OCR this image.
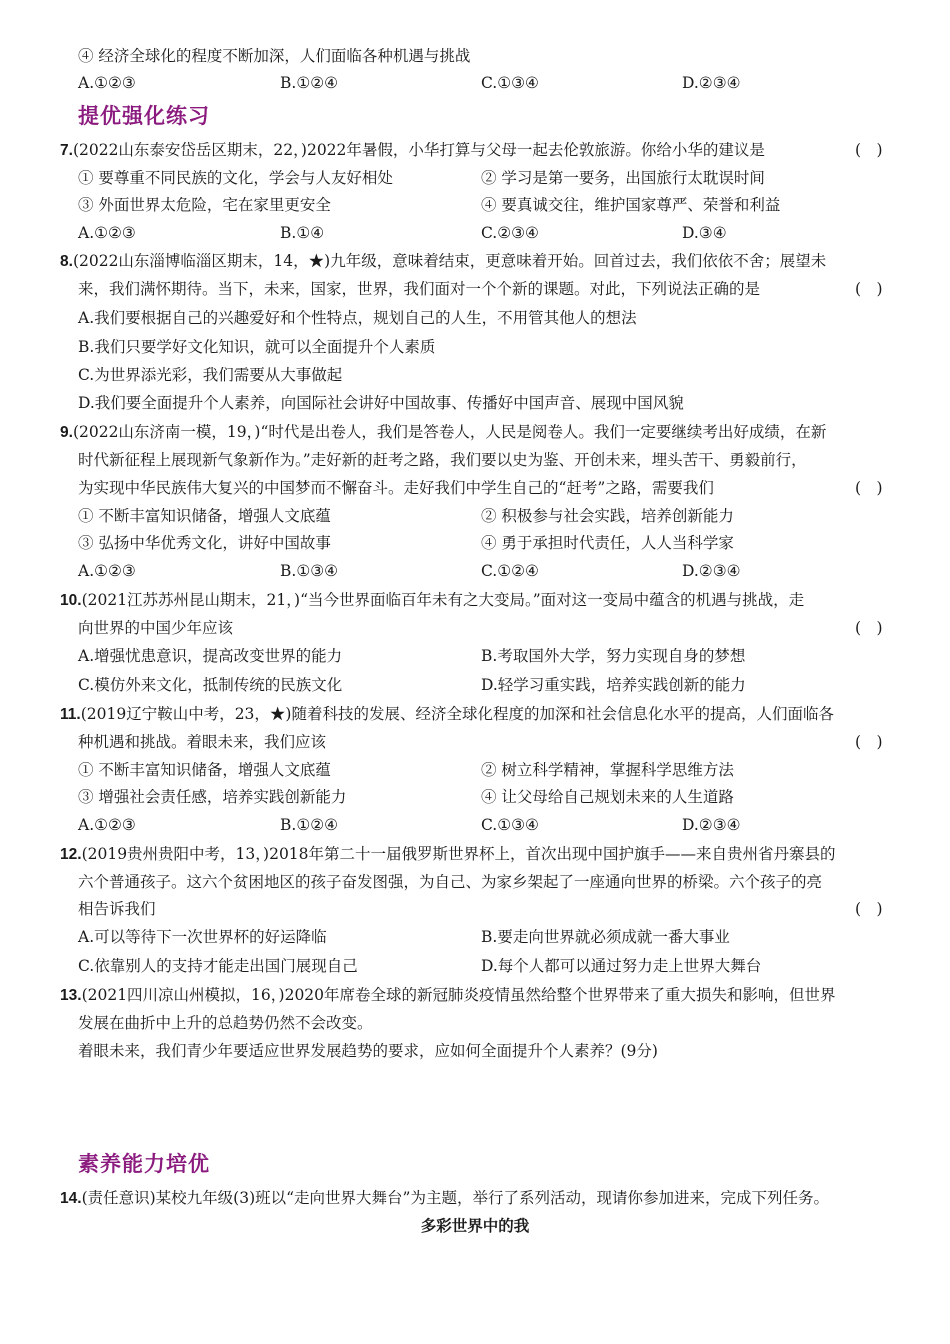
④ 经济全球化的程度不断加深，人们面临各种机遇与挑战
A.①②③	B.①②④	C.①③④	D.②③④
提优强化练习
7.(2022山东泰安岱岳区期末，22，)2022年暑假，小华打算与父母一起去伦敦旅游。你给小华的建议是	(　)
① 要尊重不同民族的文化，学会与人友好相处	② 学习是第一要务，出国旅行太耽误时间
③ 外面世界太危险，宅在家里更安全	④ 要真诚交往，维护国家尊严、荣誉和利益
A.①②③	B.①④	C.②③④	D.③④
8.(2022山东淄博临淄区期末，14，★)九年级，意味着结束，更意味着开始。回首过去，我们依依不舍；展望未
来，我们满怀期待。当下，未来，国家，世界，我们面对一个个新的课题。对此，下列说法正确的是	(　)
A.我们要根据自己的兴趣爱好和个性特点，规划自己的人生，不用管其他人的想法
B.我们只要学好文化知识，就可以全面提升个人素质
C.为世界添光彩，我们需要从大事做起
D.我们要全面提升个人素养，向国际社会讲好中国故事、传播好中国声音、展现中国风貌
9.(2022山东济南一模，19，)“时代是出卷人，我们是答卷人，人民是阅卷人。我们一定要继续考出好成绩，在新
时代新征程上展现新气象新作为。”走好新的赶考之路，我们要以史为鉴、开创未来，埋头苦干、勇毅前行，
为实现中华民族伟大复兴的中国梦而不懈奋斗。走好我们中学生自己的“赶考”之路，需要我们	(　)
① 不断丰富知识储备，增强人文底蕴	② 积极参与社会实践，培养创新能力
③ 弘扬中华优秀文化，讲好中国故事	④ 勇于承担时代责任，人人当科学家
A.①②③	B.①③④	C.①②④	D.②③④
10.(2021江苏苏州昆山期末，21，)“当今世界面临百年未有之大变局。”面对这一变局中蕴含的机遇与挑战，走
向世界的中国少年应该	(　)
A.增强忧患意识，提高改变世界的能力	B.考取国外大学，努力实现自身的梦想
C.模仿外来文化，抵制传统的民族文化	D.轻学习重实践，培养实践创新的能力
11.(2019辽宁鞍山中考，23，★)随着科技的发展、经济全球化程度的加深和社会信息化水平的提高，人们面临各
种机遇和挑战。着眼未来，我们应该	(　)
① 不断丰富知识储备，增强人文底蕴	② 树立科学精神，掌握科学思维方法
③ 增强社会责任感，培养实践创新能力	④ 让父母给自己规划未来的人生道路
A.①②③	B.①②④	C.①③④	D.②③④
12.(2019贵州贵阳中考，13，)2018年第二十一届俄罗斯世界杯上，首次出现中国护旗手——来自贵州省丹寨县的
六个普通孩子。这六个贫困地区的孩子奋发图强，为自己、为家乡架起了一座通向世界的桥梁。六个孩子的亮
相告诉我们	(　)
A.可以等待下一次世界杯的好运降临	B.要走向世界就必须成就一番大事业
C.依靠别人的支持才能走出国门展现自己	D.每个人都可以通过努力走上世界大舞台
13.(2021四川凉山州模拟，16，)2020年席卷全球的新冠肺炎疫情虽然给整个世界带来了重大损失和影响，但世界
发展在曲折中上升的总趋势仍然不会改变。
着眼未来，我们青少年要适应世界发展趋势的要求，应如何全面提升个人素养？(9分)
素养能力培优
14.(责任意识)某校九年级(3)班以“走向世界大舞台”为主题，举行了系列活动，现请你参加进来，完成下列任务。
多彩世界中的我
